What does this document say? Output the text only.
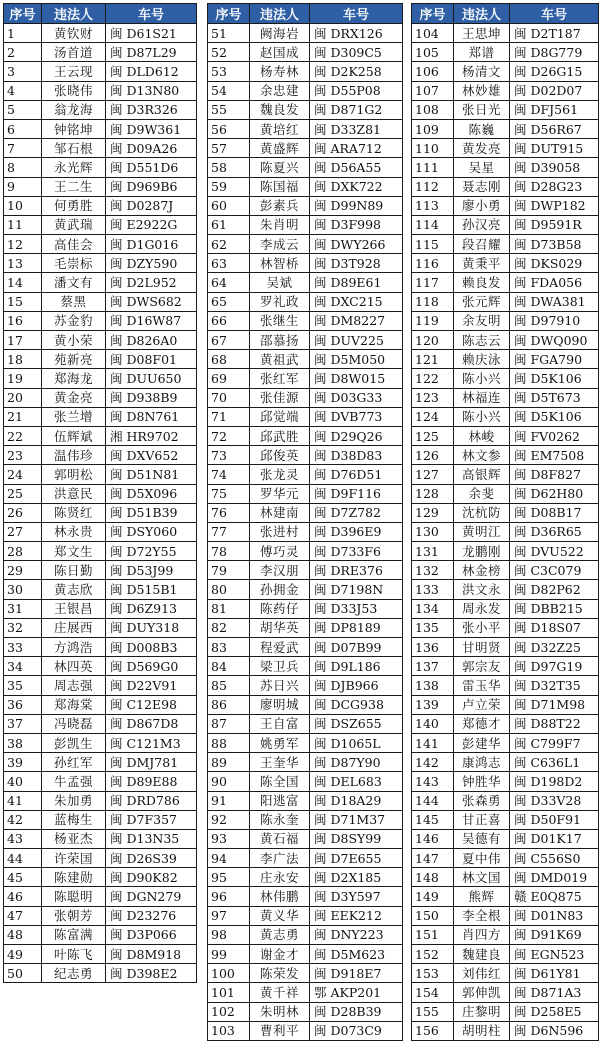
序号	违法人	车号
1	黄钦财	闽 D61S21
2	汤首道	闽 D87L29
3	王云现	闽 DLD612
4	张晓伟	闽 D13N80
5	翁龙海	闽 D3R326
6	钟铭坤	闽 D9W361
7	邹石根	闽 D09A26
8	永光辉	闽 D551D6
9	王二生	闽 D969B6
10	何勇胜	闽 D0287J
11	黄武瑞	闽 E2922G
12	高佳会	闽 D1G016
13	毛崇标	闽 DZY590
14	潘文有	闽 D2L952
15	蔡黑	闽 DWS682
16	苏金豹	闽 D16W87
17	黄小荣	闽 D826A0
18	苑新亮	闽 D08F01
19	郑海龙	闽 DUU650
20	黄金亮	闽 D938B9
21	张兰增	闽 D8N761
22	伍辉斌	湘 HR9702
23	温伟珍	闽 DXV652
24	郭明松	闽 D51N81
25	洪意民	闽 D5X096
26	陈贤红	闽 D51B39
27	林永贵	闽 DSY060
28	郑文生	闽 D72Y55
29	陈日勤	闽 D53J99
30	黄志欣	闽 D515B1
31	王银昌	闽 D6Z913
32	庄展西	闽 DUY318
33	方鸿浩	闽 D008B3
34	林四英	闽 D569G0
35	周志强	闽 D22V91
36	郑海棠	闽 C12E98
37	冯晓磊	闽 D867D8
38	彭凯生	闽 C121M3
39	孙红军	闽 DMJ781
40	牛孟强	闽 D89E88
41	朱加勇	闽 DRD786
42	蓝梅生	闽 D7F357
43	杨亚杰	闽 D13N35
44	许荣国	闽 D26S39
45	陈建勋	闽 D90K82
46	陈聪明	闽 DGN279
47	张朝芳	闽 D23276
48	陈富满	闽 D3P066
49	叶陈飞	闽 D8M918
50	纪志勇	闽 D398E2
序号	违法人	车号
51	阙海岩	闽 DRX126
52	赵国成	闽 D309C5
53	杨寿林	闽 D2K258
54	余忠建	闽 D55P08
55	魏良发	闽 D871G2
56	黄培红	闽 D33Z81
57	黄盛辉	闽 ARA712
58	陈夏兴	闽 D56A55
59	陈国福	闽 DXK722
60	彭素兵	闽 D99N89
61	朱肖明	闽 D3F998
62	李成云	闽 DWY266
63	林智桥	闽 D3T928
64	吴斌	闽 D89E61
65	罗礼政	闽 DXC215
66	张继生	闽 DM8227
67	邵慕扬	闽 DUV225
68	黄祖武	闽 D5M050
69	张红军	闽 D8W015
70	张佳源	闽 D03G33
71	邱觉端	闽 DVB773
72	邱武胜	闽 D29Q26
73	邱俊英	闽 D38D83
74	张龙灵	闽 D76D51
75	罗华元	闽 D9F116
76	林建南	闽 D7Z782
77	张进村	闽 D396E9
78	傅巧灵	闽 D733F6
79	李汉朋	闽 DRE376
80	孙拥金	闽 D7198N
81	陈药仔	闽 D33J53
82	胡华英	闽 DP8189
83	程爱武	闽 D07B99
84	梁卫兵	闽 D9L186
85	苏日兴	闽 DJB966
86	廖明城	闽 DCG938
87	王自富	闽 DSZ655
88	姚勇军	闽 D1065L
89	王奎华	闽 D87Y90
90	陈全国	闽 DEL683
91	阳逃富	闽 D18A29
92	陈永奎	闽 D71M37
93	黄石福	闽 D8SY99
94	李广法	闽 D7E655
95	庄永安	闽 D2X185
96	林伟鹏	闽 D3Y597
97	黄义华	闽 EEK212
98	黄志勇	闽 DNY223
99	谢金才	闽 D5M623
100	陈荣发	闽 D918E7
101	黄千祥	鄂 AKP201
102	朱明林	闽 D28B39
103	曹利平	闽 D073C9
序号	违法人	车号
104	王思坤	闽 D2T187
105	郑谱	闽 D8G779
106	杨清文	闽 D26G15
107	林妙雄	闽 D02D07
108	张日光	闽 DFJ561
109	陈巍	闽 D56R67
110	黄发亮	闽 DUT915
111	吴星	闽 D39058
112	聂志刚	闽 D28G23
113	廖小勇	闽 DWP182
114	孙汉亮	闽 D9591R
115	段召耀	闽 D73B58
116	黄秉平	闽 DKS029
117	赖良发	闽 FDA056
118	张元辉	闽 DWA381
119	余友明	闽 D97910
120	陈志云	闽 DWQ090
121	赖庆泳	闽 FGA790
122	陈小兴	闽 D5K106
123	林福连	闽 D5T673
124	陈小兴	闽 D5K106
125	林峻	闽 FV0262
126	林文参	闽 EM7508
127	高银辉	闽 D8F827
128	余斐	闽 D62H80
129	沈杭防	闽 D08B17
130	黄明江	闽 D36R65
131	龙鹏刚	闽 DVU522
132	林金榜	闽 C3C079
133	洪文永	闽 D82P62
134	周永发	闽 DBB215
135	张小平	闽 D18S07
136	甘明贤	闽 D32Z25
137	郭宗友	闽 D97G19
138	雷玉华	闽 D32T35
139	卢立荣	闽 D71M98
140	郑德才	闽 D88T22
141	彭建华	闽 C799F7
142	康鸿志	闽 C636L1
143	钟胜华	闽 D198D2
144	张森勇	闽 D33V28
145	甘正喜	闽 D50F91
146	吴德有	闽 D01K17
147	夏中伟	闽 C556S0
148	林文国	闽 DMD019
149	熊辉	赣 E0Q875
150	李全根	闽 D01N83
151	肖四方	闽 D91K69
152	魏建良	闽 EGN523
153	刘伟红	闽 D61Y81
154	郭伸凯	闽 D871A3
155	庄黎明	闽 D258E5
156	胡明柱	闽 D6N596
